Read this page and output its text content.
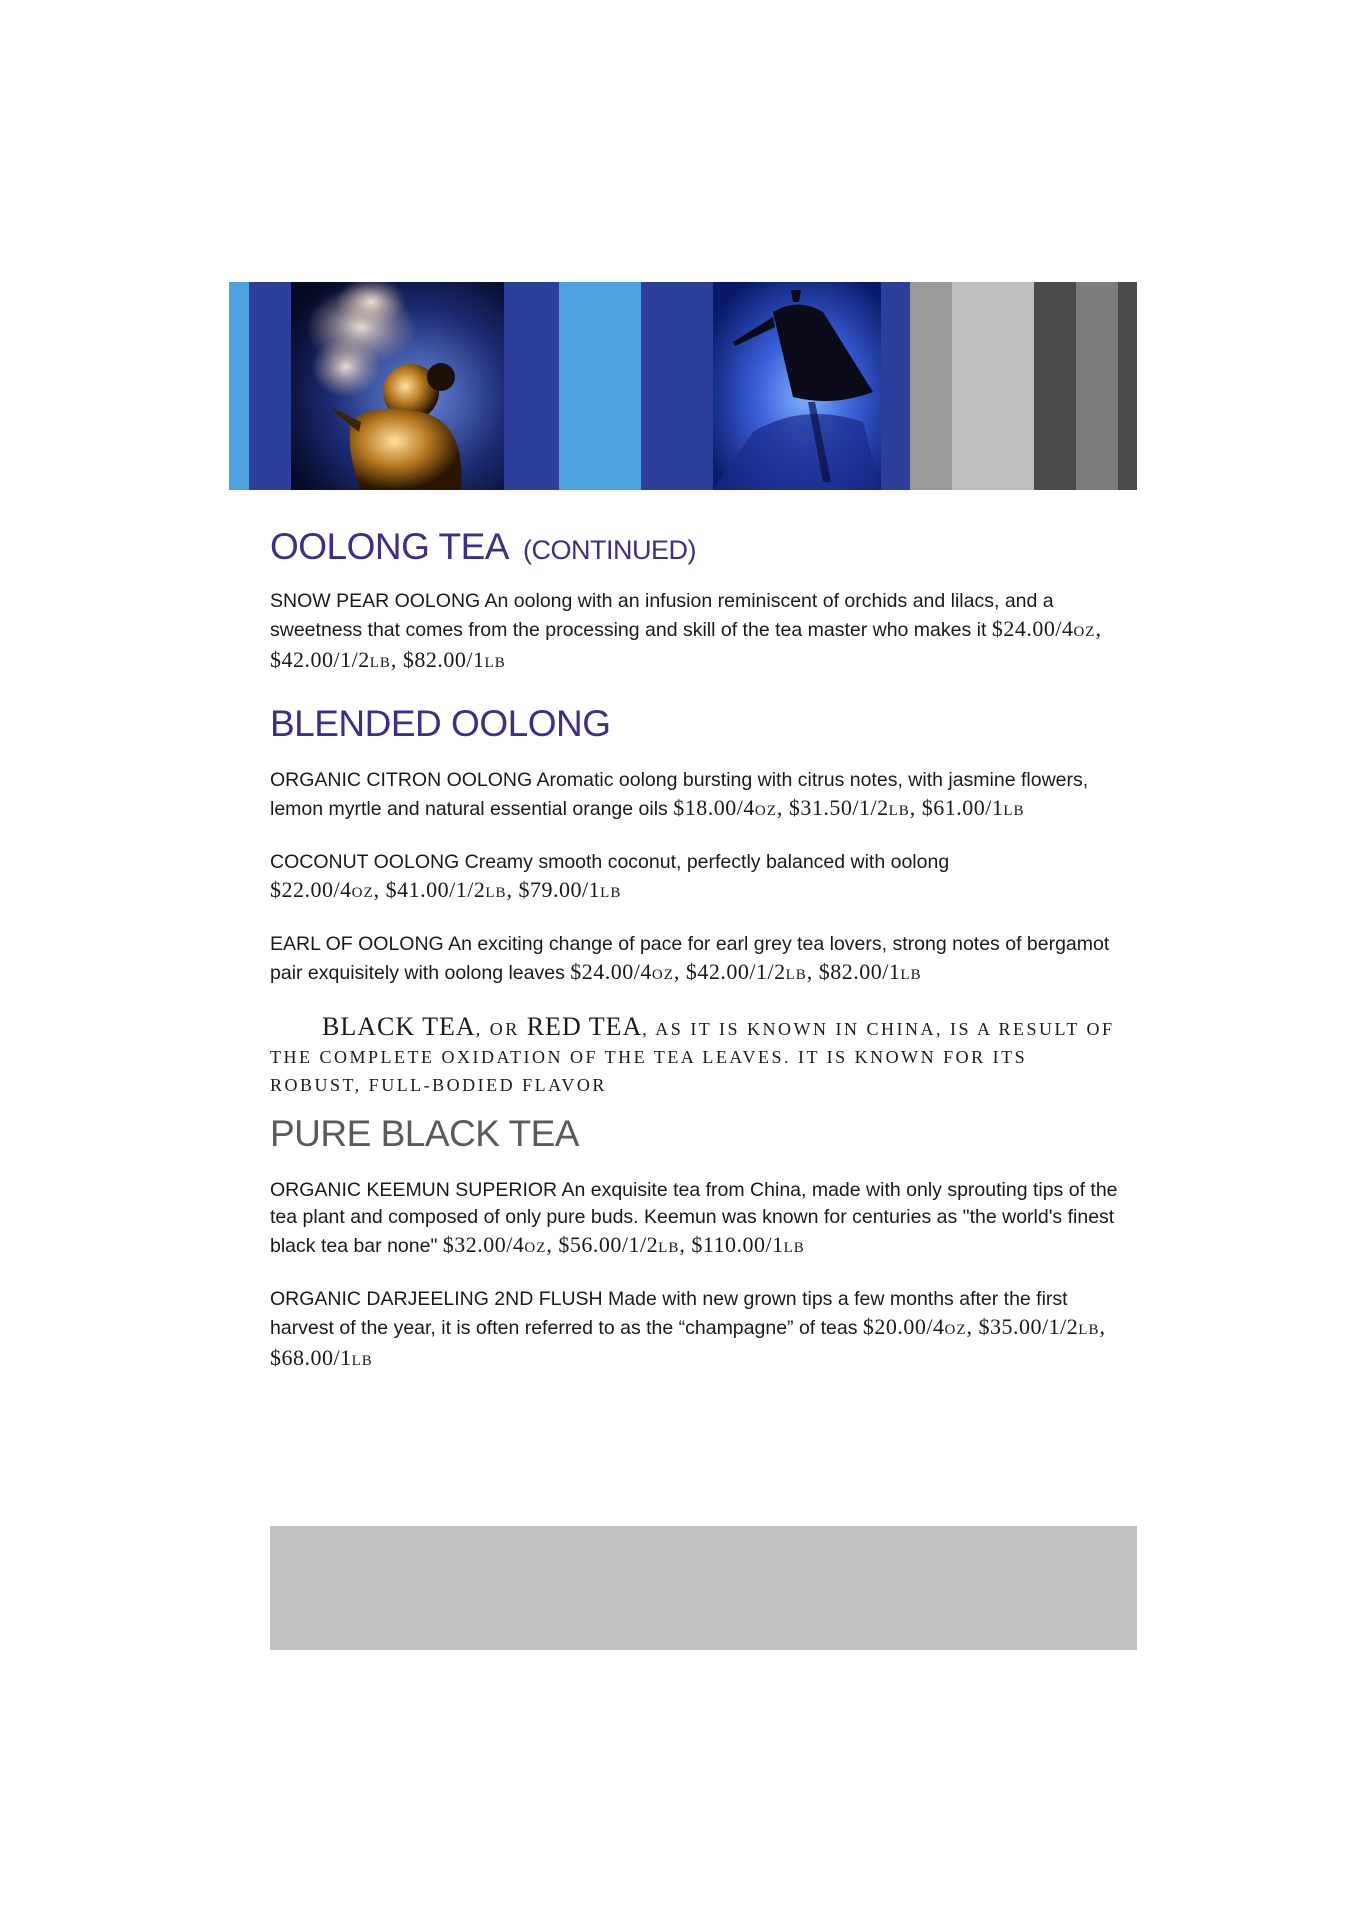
OOLONG TEA (CONTINUED)

SNOW PEAR OOLONG An oolong with an infusion reminiscent of orchids and lilacs, and a sweetness that comes from the processing and skill of the tea master who makes it $24.00/4OZ, $42.00/1/2LB, $82.00/1LB

BLENDED OOLONG

ORGANIC CITRON OOLONG Aromatic oolong bursting with citrus notes, with jasmine flowers, lemon myrtle and natural essential orange oils $18.00/4OZ, $31.50/1/2LB, $61.00/1LB

COCONUT OOLONG Creamy smooth coconut, perfectly balanced with oolong
$22.00/4OZ, $41.00/1/2LB, $79.00/1LB

EARL OF OOLONG An exciting change of pace for earl grey tea lovers, strong notes of bergamot pair exquisitely with oolong leaves $24.00/4OZ, $42.00/1/2LB, $82.00/1LB

BLACK TEA, OR RED TEA, AS IT IS KNOWN IN CHINA, IS A RESULT OF THE COMPLETE OXIDATION OF THE TEA LEAVES. IT IS KNOWN FOR ITS ROBUST, FULL-BODIED FLAVOR

PURE BLACK TEA

ORGANIC KEEMUN SUPERIOR An exquisite tea from China, made with only sprouting tips of the tea plant and composed of only pure buds. Keemun was known for centuries as "the world's finest black tea bar none" $32.00/4OZ, $56.00/1/2LB, $110.00/1LB

ORGANIC DARJEELING 2ND FLUSH Made with new grown tips a few months after the first harvest of the year, it is often referred to as the “champagne” of teas $20.00/4OZ, $35.00/1/2LB, $68.00/1LB
